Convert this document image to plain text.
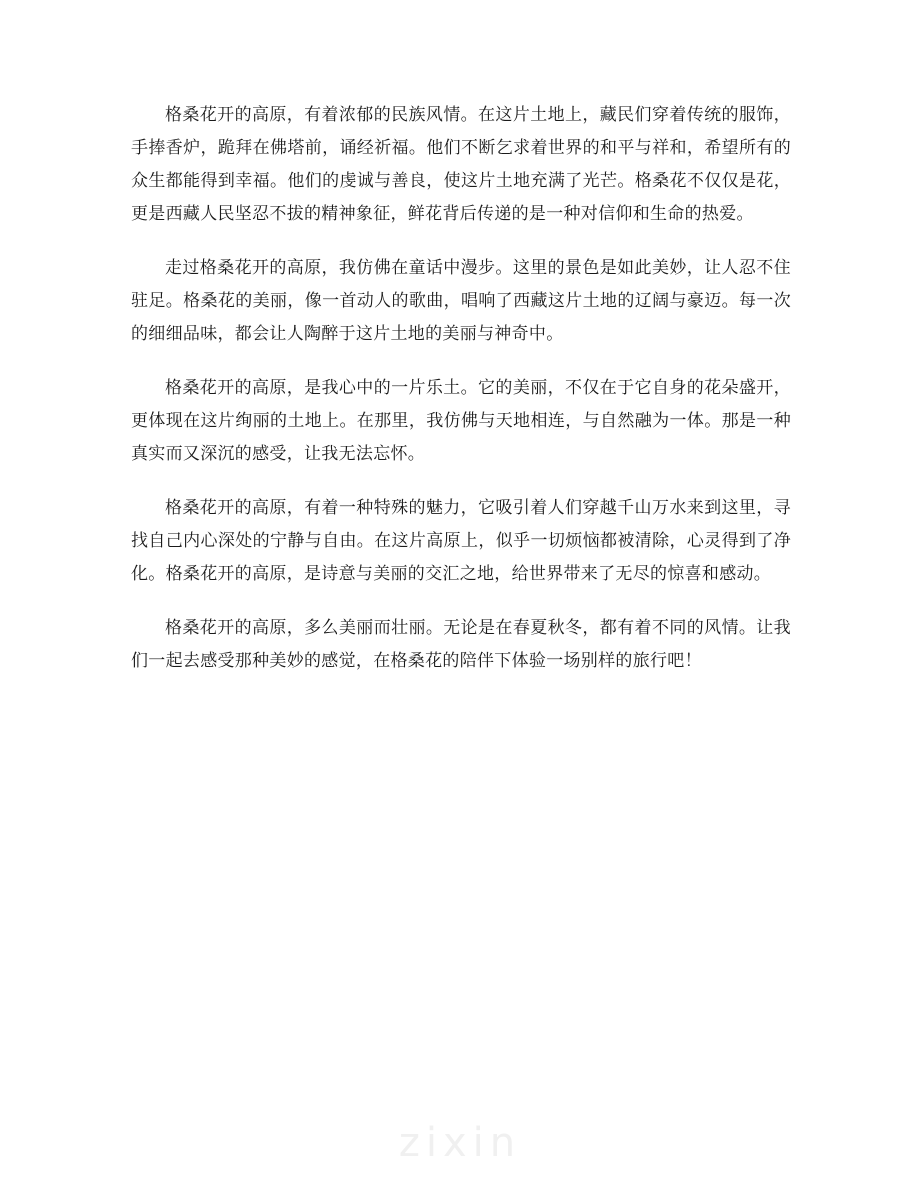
格桑花开的高原，有着浓郁的民族风情。在这片土地上，藏民们穿着传统的服饰，手捧香炉，跪拜在佛塔前，诵经祈福。他们不断乞求着世界的和平与祥和，希望所有的众生都能得到幸福。他们的虔诚与善良，使这片土地充满了光芒。格桑花不仅仅是花，更是西藏人民坚忍不拔的精神象征，鲜花背后传递的是一种对信仰和生命的热爱。

走过格桑花开的高原，我仿佛在童话中漫步。这里的景色是如此美妙，让人忍不住驻足。格桑花的美丽，像一首动人的歌曲，唱响了西藏这片土地的辽阔与豪迈。每一次的细细品味，都会让人陶醉于这片土地的美丽与神奇中。

格桑花开的高原，是我心中的一片乐土。它的美丽，不仅在于它自身的花朵盛开，更体现在这片绚丽的土地上。在那里，我仿佛与天地相连，与自然融为一体。那是一种真实而又深沉的感受，让我无法忘怀。

格桑花开的高原，有着一种特殊的魅力，它吸引着人们穿越千山万水来到这里，寻找自己内心深处的宁静与自由。在这片高原上，似乎一切烦恼都被清除，心灵得到了净化。格桑花开的高原，是诗意与美丽的交汇之地，给世界带来了无尽的惊喜和感动。

格桑花开的高原，多么美丽而壮丽。无论是在春夏秋冬，都有着不同的风情。让我们一起去感受那种美妙的感觉，在格桑花的陪伴下体验一场别样的旅行吧！

zixin
